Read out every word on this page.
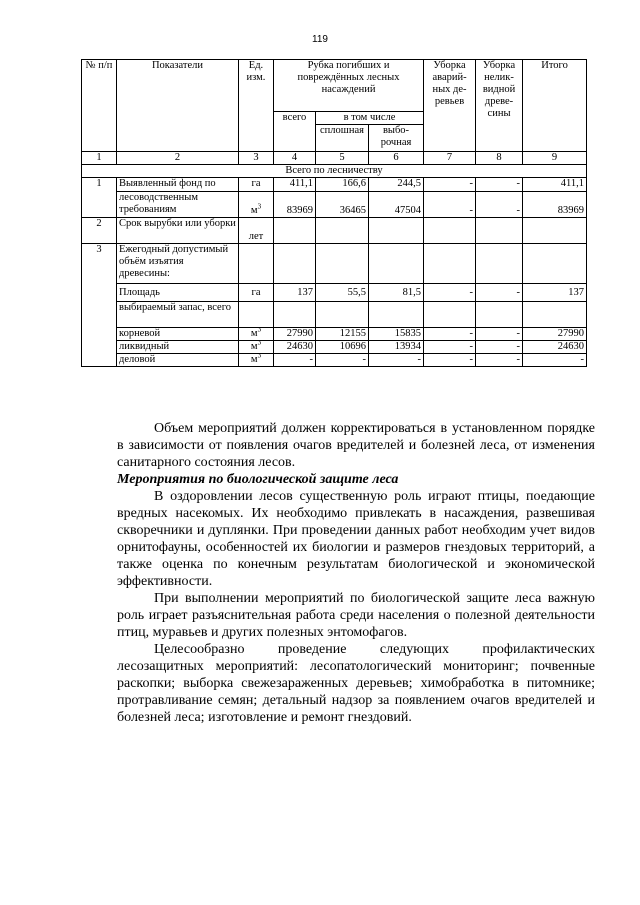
119
№ п/п	Показатели	Ед. изм.	Рубка погибших и повреждённых лесных насаждений			Уборка аварий-ных де-ревьев	Уборка нелик-видной древе-сины	Итого
			всего	в том числе				
				сплошная	выбо-рочная			
1	2	3	4	5	6	7	8	9
Всего по лесничеству								
1	Выявленный фонд по	га	411,1	166,6	244,5	-	-	411,1
	лесоводственным требованиям	$м^3$	83969	36465	47504	-	-	83969
2	Срок вырубки или уборки	лет						
3	Ежегодный допустимый объём изъятия древесины:							
	Площадь	га	137	55,5	81,5	-	-	137
	выбираемый запас, всего							
	корневой	$м^3$	27990	12155	15835	-	-	27990
	ликвидный	$м^3$	24630	10696	13934	-	-	24630
	деловой	$м^3$	-	-	-	-	-	-

Объем мероприятий должен корректироваться в установленном порядке в зависимости от появления очагов вредителей и болезней леса, от изменения санитарного состояния лесов.

Мероприятия по биологической защите леса

В оздоровлении лесов существенную роль играют птицы, поедающие вредных насекомых. Их необходимо привлекать в насаждения, развешивая скворечники и дуплянки. При проведении данных работ необходим учет видов орнитофауны, особенностей их биологии и размеров гнездовых территорий, а также оценка по конечным результатам биологической и экономической эффективности.

При выполнении мероприятий по биологической защите леса важную роль играет разъяснительная работа среди населения о полезной деятельности птиц, муравьев и других полезных энтомофагов.

Целесообразно проведение следующих профилактических лесозащитных мероприятий: лесопатологический мониторинг; почвенные раскопки; выборка свежезараженных деревьев; химобработка в питомнике; протравливание семян; детальный надзор за появлением очагов вредителей и болезней леса; изготовление и ремонт гнездовий.
